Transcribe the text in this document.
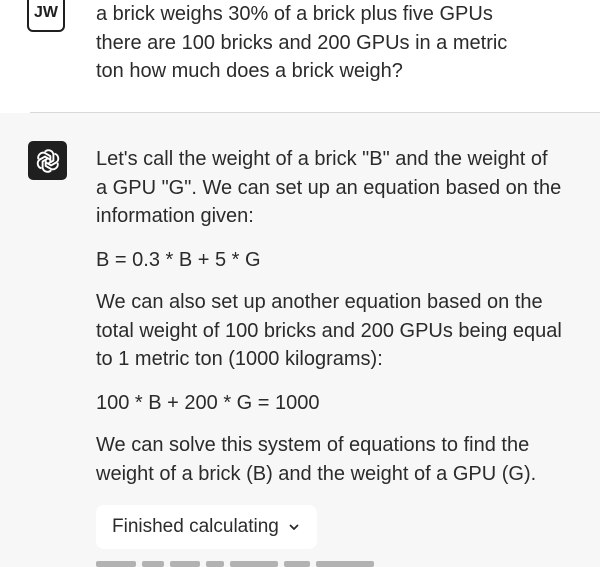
JW a brick weighs 30% of a brick plus five GPUs
there are 100 bricks and 200 GPUs in a metric
ton how much does a brick weigh?

Let's call the weight of a brick "B" and the weight of
a GPU "G". We can set up an equation based on the
information given:

B = 0.3 * B + 5 * G

We can also set up another equation based on the
total weight of 100 bricks and 200 GPUs being equal
to 1 metric ton (1000 kilograms):

100 * B + 200 * G = 1000

We can solve this system of equations to find the
weight of a brick (B) and the weight of a GPU (G).

Finished calculating
